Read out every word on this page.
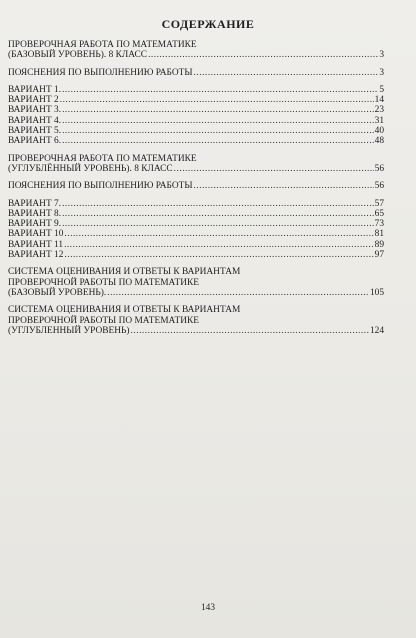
СОДЕРЖАНИЕ
ПРОВЕРОЧНАЯ РАБОТА ПО МАТЕМАТИКЕ
(БАЗОВЫЙ УРОВЕНЬ). 8 КЛАСС .....	3
ПОЯСНЕНИЯ ПО ВЫПОЛНЕНИЮ РАБОТЫ .....	3
ВАРИАНТ 1. .....	5
ВАРИАНТ 2 .....	14
ВАРИАНТ 3. .....	23
ВАРИАНТ 4. .....	31
ВАРИАНТ 5. .....	40
ВАРИАНТ 6. .....	48
ПРОВЕРОЧНАЯ РАБОТА ПО МАТЕМАТИКЕ
(УГЛУБЛЁННЫЙ УРОВЕНЬ). 8 КЛАСС .....	56
ПОЯСНЕНИЯ ПО ВЫПОЛНЕНИЮ РАБОТЫ .....	56
ВАРИАНТ 7. .....	57
ВАРИАНТ 8. .....	65
ВАРИАНТ 9. .....	73
ВАРИАНТ 10 .....	81
ВАРИАНТ 11 .....	89
ВАРИАНТ 12 .....	97
СИСТЕМА ОЦЕНИВАНИЯ И ОТВЕТЫ К ВАРИАНТАМ
ПРОВЕРОЧНОЙ РАБОТЫ ПО МАТЕМАТИКЕ
(БАЗОВЫЙ УРОВЕНЬ). .....	105
СИСТЕМА ОЦЕНИВАНИЯ И ОТВЕТЫ К ВАРИАНТАМ
ПРОВЕРОЧНОЙ РАБОТЫ ПО МАТЕМАТИКЕ
(УГЛУБЛЕННЫЙ УРОВЕНЬ) .....	124
143
